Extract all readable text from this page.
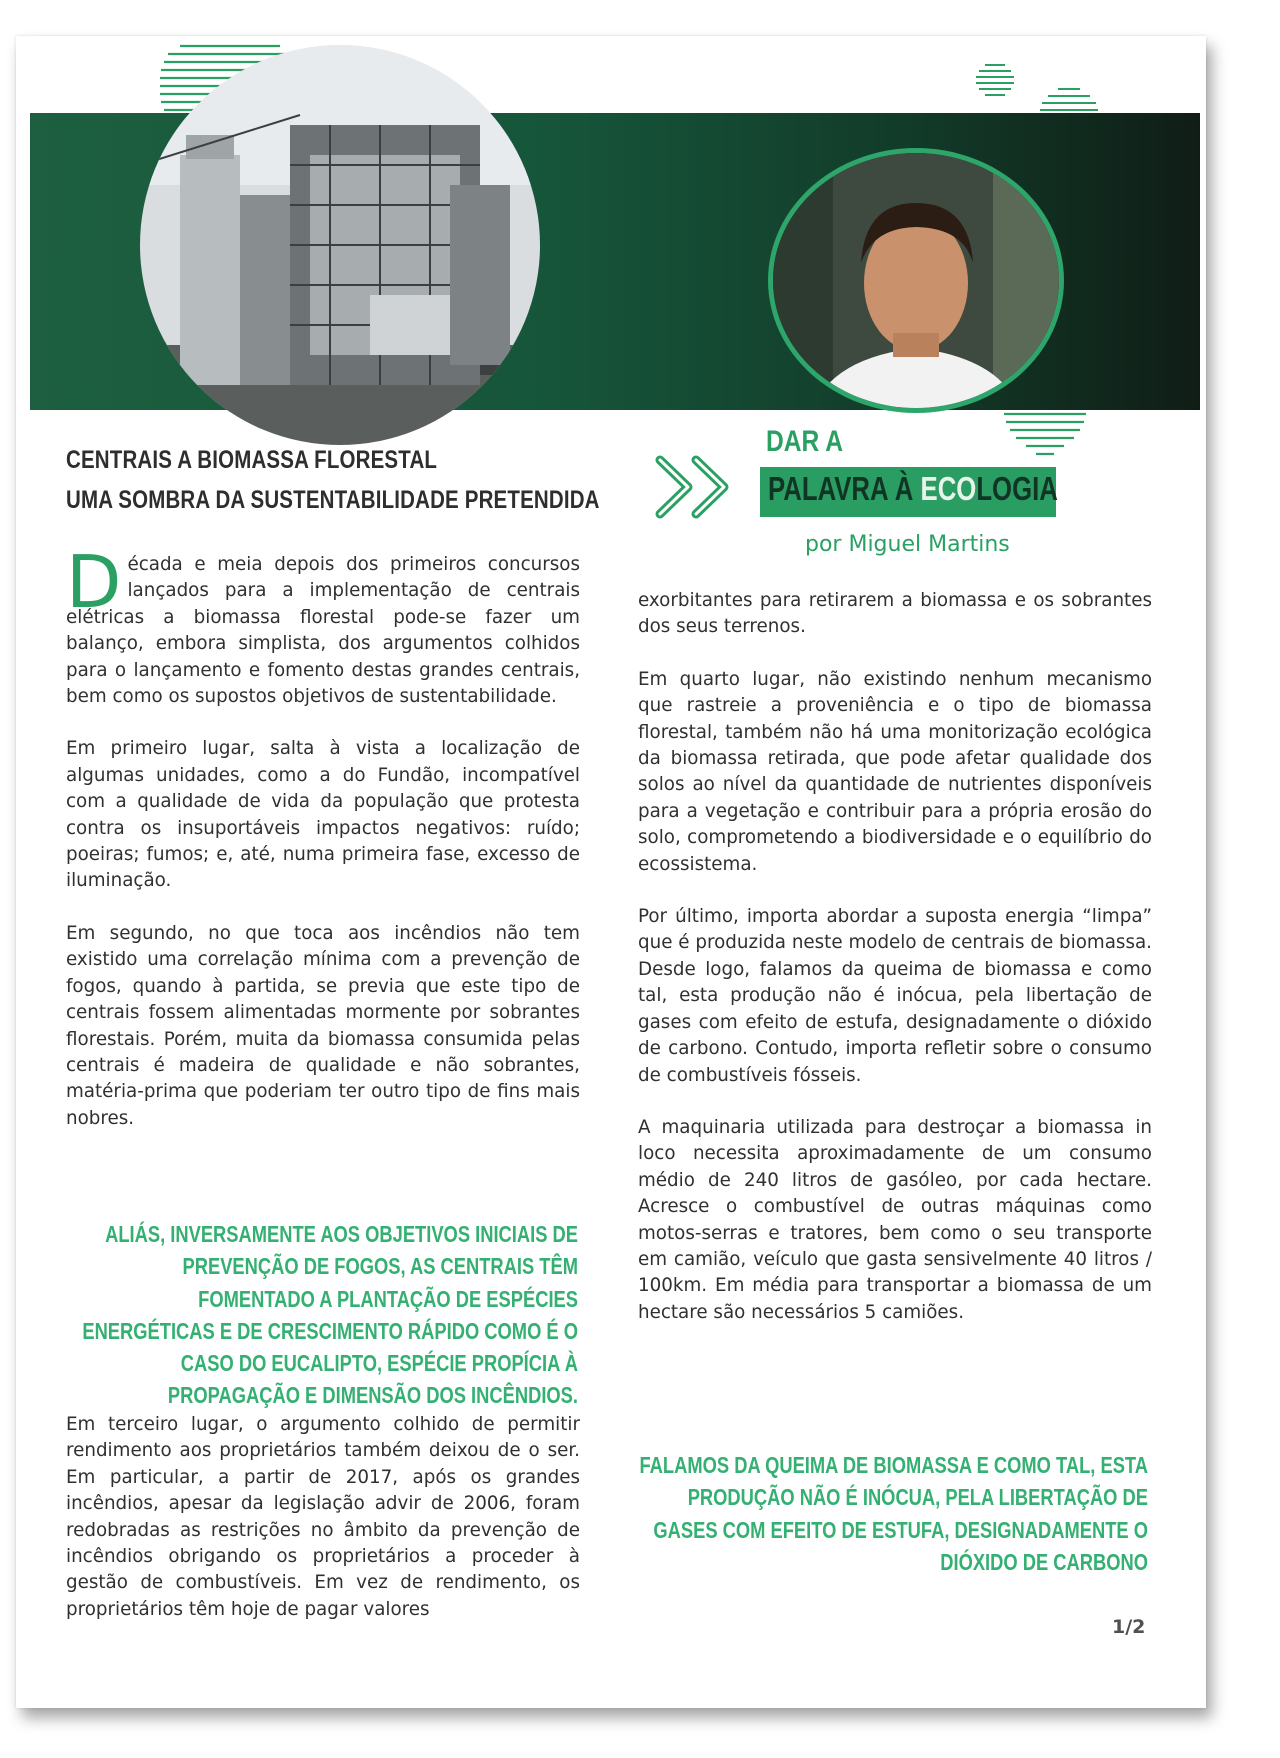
CENTRAIS A BIOMASSA FLORESTAL
UMA SOMBRA DA SUSTENTABILIDADE PRETENDIDA
DAR A
PALAVRA À ECOLOGIA
por Miguel Martins

Década e meia depois dos primeiros concursos lançados para a implementação de centrais elétricas a biomassa florestal pode-se fazer um balanço, embora simplista, dos argumentos colhidos para o lançamento e fomento destas grandes centrais, bem como os supostos objetivos de sustentabilidade.

Em primeiro lugar, salta à vista a localização de algumas unidades, como a do Fundão, incompatível com a qualidade de vida da população que protesta contra os insuportáveis impactos negativos: ruído; poeiras; fumos; e, até, numa primeira fase, excesso de iluminação.

Em segundo, no que toca aos incêndios não tem existido uma correlação mínima com a prevenção de fogos, quando à partida, se previa que este tipo de centrais fossem alimentadas mormente por sobrantes florestais. Porém, muita da biomassa consumida pelas centrais é madeira de qualidade e não sobrantes, matéria-prima que poderiam ter outro tipo de fins mais nobres.

ALIÁS, INVERSAMENTE AOS OBJETIVOS INICIAIS DE PREVENÇÃO DE FOGOS, AS CENTRAIS TÊM FOMENTADO A PLANTAÇÃO DE ESPÉCIES ENERGÉTICAS E DE CRESCIMENTO RÁPIDO COMO É O CASO DO EUCALIPTO, ESPÉCIE PROPÍCIA À PROPAGAÇÃO E DIMENSÃO DOS INCÊNDIOS.

Em terceiro lugar, o argumento colhido de permitir rendimento aos proprietários também deixou de o ser. Em particular, a partir de 2017, após os grandes incêndios, apesar da legislação advir de 2006, foram redobradas as restrições no âmbito da prevenção de incêndios obrigando os proprietários a proceder à gestão de combustíveis. Em vez de rendimento, os proprietários têm hoje de pagar valores

exorbitantes para retirarem a biomassa e os sobrantes dos seus terrenos.

Em quarto lugar, não existindo nenhum mecanismo que rastreie a proveniência e o tipo de biomassa florestal, também não há uma monitorização ecológica da biomassa retirada, que pode afetar qualidade dos solos ao nível da quantidade de nutrientes disponíveis para a vegetação e contribuir para a própria erosão do solo, comprometendo a biodiversidade e o equilíbrio do ecossistema.

Por último, importa abordar a suposta energia “limpa” que é produzida neste modelo de centrais de biomassa. Desde logo, falamos da queima de biomassa e como tal, esta produção não é inócua, pela libertação de gases com efeito de estufa, designadamente o dióxido de carbono. Contudo, importa refletir sobre o consumo de combustíveis fósseis.

A maquinaria utilizada para destroçar a biomassa in loco necessita aproximadamente de um consumo médio de 240 litros de gasóleo, por cada hectare. Acresce o combustível de outras máquinas como motos-serras e tratores, bem como o seu transporte em camião, veículo que gasta sensivelmente 40 litros / 100km. Em média para transportar a biomassa de um hectare são necessários 5 camiões.

FALAMOS DA QUEIMA DE BIOMASSA E COMO TAL, ESTA PRODUÇÃO NÃO É INÓCUA, PELA LIBERTAÇÃO DE GASES COM EFEITO DE ESTUFA, DESIGNADAMENTE O DIÓXIDO DE CARBONO
1/2
